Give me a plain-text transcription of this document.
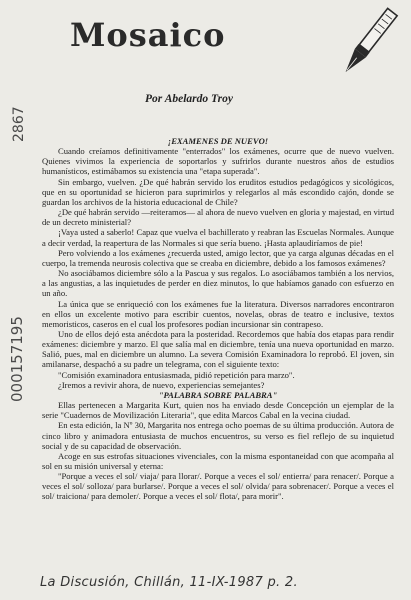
Mosaico
Por Abelardo Troy
2867
000157195

¡EXAMENES DE NUEVO!

Cuando creíamos definitivamente "enterrados" los exámenes, ocurre que de nuevo vuelven. Quienes vivimos la experiencia de soportarlos y sufrirlos durante nuestros años de estudios humanísticos, estimábamos su existencia una "etapa superada".

Sin embargo, vuelven. ¿De qué habrán servido los eruditos estudios pedagógicos y sicológicos, que en su oportunidad se hicieron para suprimirlos y relegarlos al más escondido cajón, donde se guardan los archivos de la historia educacional de Chile?

¿De qué habrán servido —reiteramos— al ahora de nuevo vuelven en gloria y majestad, en virtud de un decreto ministerial?

¡Vaya usted a saberlo! Capaz que vuelva el bachillerato y reabran las Escuelas Normales. Aunque a decir verdad, la reapertura de las Normales si que sería bueno. ¡Hasta aplaudiríamos de pie!

Pero volviendo a los exámenes ¿recuerda usted, amigo lector, que ya carga algunas décadas en el cuerpo, la tremenda neurosis colectiva que se creaba en diciembre, debido a los famosos exámenes?

No asociábamos diciembre sólo a la Pascua y sus regalos. Lo asociábamos también a los nervios, a las angustias, a las inquietudes de perder en diez minutos, lo que habíamos ganado con esfuerzo en un año.

La única que se enriqueció con los exámenes fue la literatura. Diversos narradores encontraron en ellos un excelente motivo para escribir cuentos, novelas, obras de teatro e inclusive, textos memoristicos, caseros en el cual los profesores podían incursionar sin contrapeso.

Uno de ellos dejó esta anécdota para la posteridad. Recordemos que había dos etapas para rendir exámenes: diciembre y marzo. El que salía mal en diciembre, tenía una nueva oportunidad en marzo. Salió, pues, mal en diciembre un alumno. La severa Comisión Examinadora lo reprobó. El joven, sin amilanarse, despachó a su padre un telegrama, con el siguiente texto:

"Comisión examinadora entusiasmada, pidió repetición para marzo".

¿Iremos a revivir ahora, de nuevo, experiencias semejantes?

"PALABRA SOBRE PALABRA"

Ellas pertenecen a Margarita Kurt, quien nos ha enviado desde Concepción un ejemplar de la serie "Cuadernos de Movilización Literaria", que edita Marcos Cabal en la vecina ciudad.

En esta edición, la Nº 30, Margarita nos entrega ocho poemas de su última producción. Autora de cinco libro y animadora entusiasta de muchos encuentros, su verso es fiel reflejo de su inquietud social y de su capacidad de observación.

Acoge en sus estrofas situaciones vivenciales, con la misma espontaneidad con que acompaña al sol en su misión universal y eterna:

"Porque a veces el sol/ viaja/ para llorar/. Porque a veces el sol/ entierra/ para renacer/. Porque a veces el sol/ solloza/ para burlarse/. Porque a veces el sol/ olvida/ para sobrenacer/. Porque a veces el sol/ traiciona/ para demoler/. Porque a veces el sol/ flota/, para morir".

La Discusión, Chillán, 11-IX-1987 p. 2.
